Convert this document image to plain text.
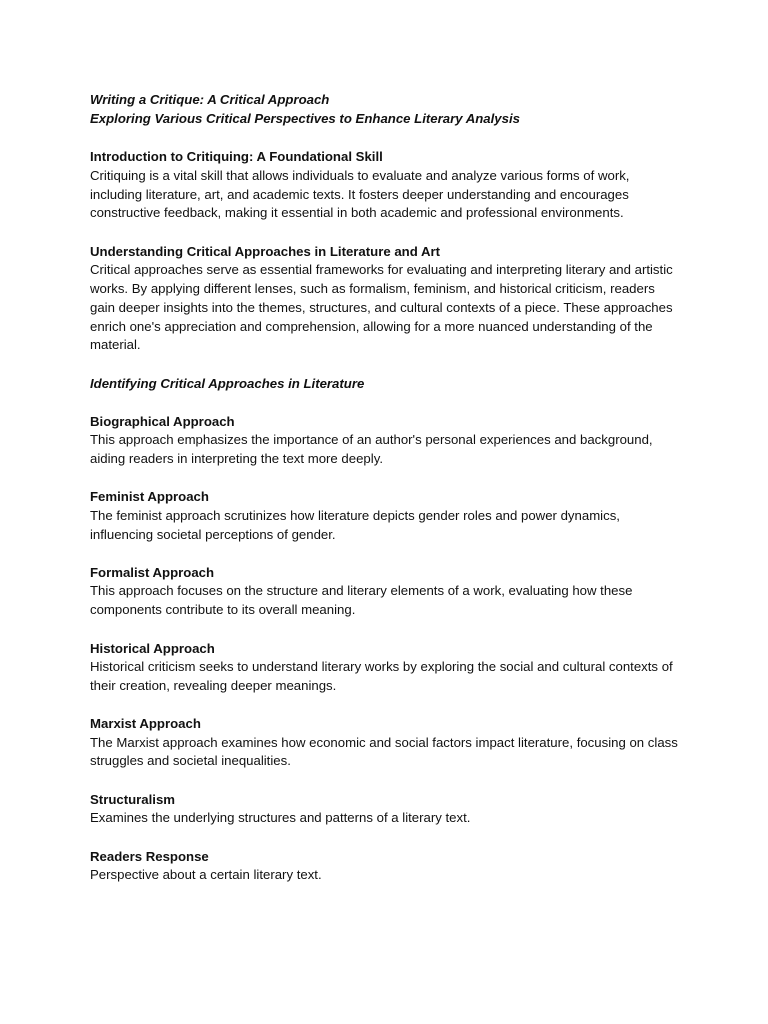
Writing a Critique: A Critical Approach

Exploring Various Critical Perspectives to Enhance Literary Analysis

Introduction to Critiquing: A Foundational Skill

Critiquing is a vital skill that allows individuals to evaluate and analyze various forms of work, including literature, art, and academic texts. It fosters deeper understanding and encourages constructive feedback, making it essential in both academic and professional environments.

Understanding Critical Approaches in Literature and Art

Critical approaches serve as essential frameworks for evaluating and interpreting literary and artistic works. By applying different lenses, such as formalism, feminism, and historical criticism, readers gain deeper insights into the themes, structures, and cultural contexts of a piece. These approaches enrich one's appreciation and comprehension, allowing for a more nuanced understanding of the material.

Identifying Critical Approaches in Literature

Biographical Approach

This approach emphasizes the importance of an author's personal experiences and background, aiding readers in interpreting the text more deeply.

Feminist Approach

The feminist approach scrutinizes how literature depicts gender roles and power dynamics, influencing societal perceptions of gender.

Formalist Approach

This approach focuses on the structure and literary elements of a work, evaluating how these components contribute to its overall meaning.

Historical Approach

Historical criticism seeks to understand literary works by exploring the social and cultural contexts of their creation, revealing deeper meanings.

Marxist Approach

The Marxist approach examines how economic and social factors impact literature, focusing on class struggles and societal inequalities.

Structuralism

Examines the underlying structures and patterns of a literary text.

Readers Response

Perspective about a certain literary text.
